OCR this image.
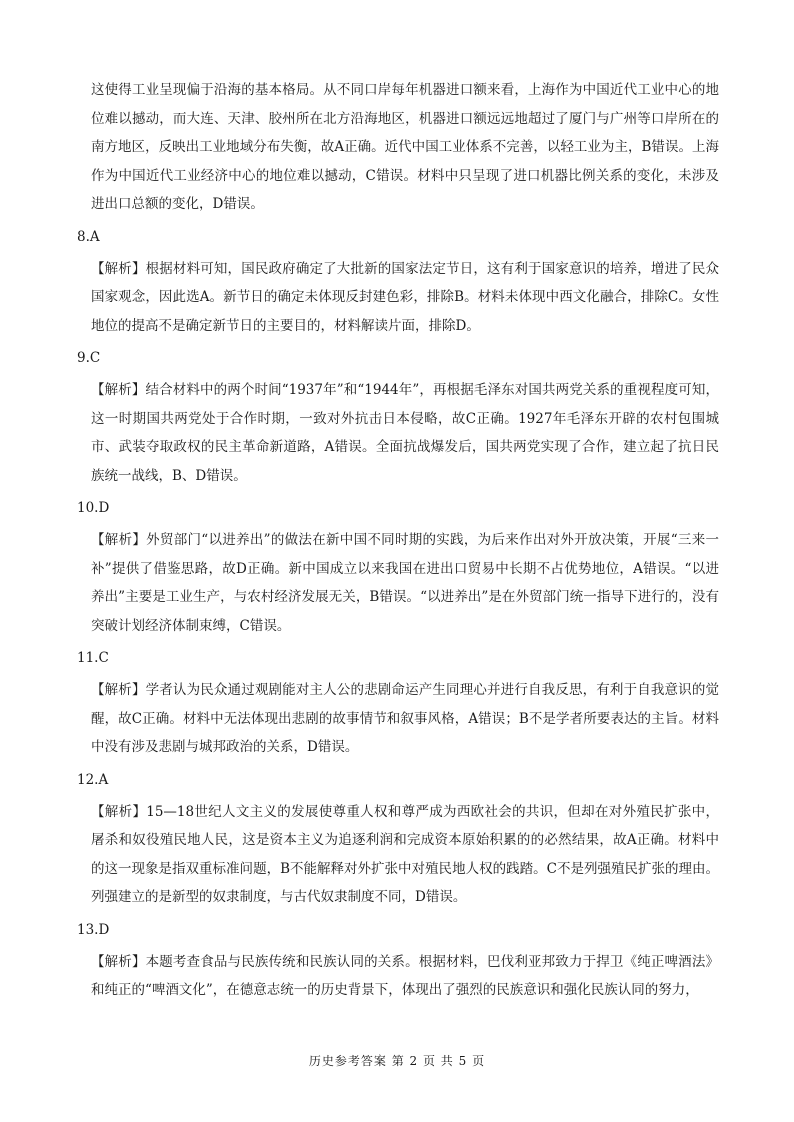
这使得工业呈现偏于沿海的基本格局。从不同口岸每年机器进口额来看，上海作为中国近代工业中心的地位难以撼动，而大连、天津、胶州所在北方沿海地区，机器进口额远远地超过了厦门与广州等口岸所在的南方地区，反映出工业地域分布失衡，故A正确。近代中国工业体系不完善，以轻工业为主，B错误。上海作为中国近代工业经济中心的地位难以撼动，C错误。材料中只呈现了进口机器比例关系的变化，未涉及进出口总额的变化，D错误。

8.A

【解析】根据材料可知，国民政府确定了大批新的国家法定节日，这有利于国家意识的培养，增进了民众国家观念，因此选A。新节日的确定未体现反封建色彩，排除B。材料未体现中西文化融合，排除C。女性地位的提高不是确定新节日的主要目的，材料解读片面，排除D。

9.C

【解析】结合材料中的两个时间“1937年”和“1944年”，再根据毛泽东对国共两党关系的重视程度可知，这一时期国共两党处于合作时期，一致对外抗击日本侵略，故C正确。1927年毛泽东开辟的农村包围城市、武装夺取政权的民主革命新道路，A错误。全面抗战爆发后，国共两党实现了合作，建立起了抗日民族统一战线，B、D错误。

10.D

【解析】外贸部门“以进养出”的做法在新中国不同时期的实践，为后来作出对外开放决策，开展“三来一补”提供了借鉴思路，故D正确。新中国成立以来我国在进出口贸易中长期不占优势地位，A错误。“以进养出”主要是工业生产，与农村经济发展无关，B错误。“以进养出”是在外贸部门统一指导下进行的，没有突破计划经济体制束缚，C错误。

11.C

【解析】学者认为民众通过观剧能对主人公的悲剧命运产生同理心并进行自我反思，有利于自我意识的觉醒，故C正确。材料中无法体现出悲剧的故事情节和叙事风格，A错误；B不是学者所要表达的主旨。材料中没有涉及悲剧与城邦政治的关系，D错误。

12.A

【解析】15—18世纪人文主义的发展使尊重人权和尊严成为西欧社会的共识，但却在对外殖民扩张中，屠杀和奴役殖民地人民，这是资本主义为追逐利润和完成资本原始积累的的必然结果，故A正确。材料中的这一现象是指双重标准问题，B不能解释对外扩张中对殖民地人权的践踏。C不是列强殖民扩张的理由。列强建立的是新型的奴隶制度，与古代奴隶制度不同，D错误。

13.D

【解析】本题考查食品与民族传统和民族认同的关系。根据材料，巴伐利亚邦致力于捍卫《纯正啤酒法》和纯正的“啤酒文化”，在德意志统一的历史背景下，体现出了强烈的民族意识和强化民族认同的努力，

历史参考答案 第 2 页 共 5 页
